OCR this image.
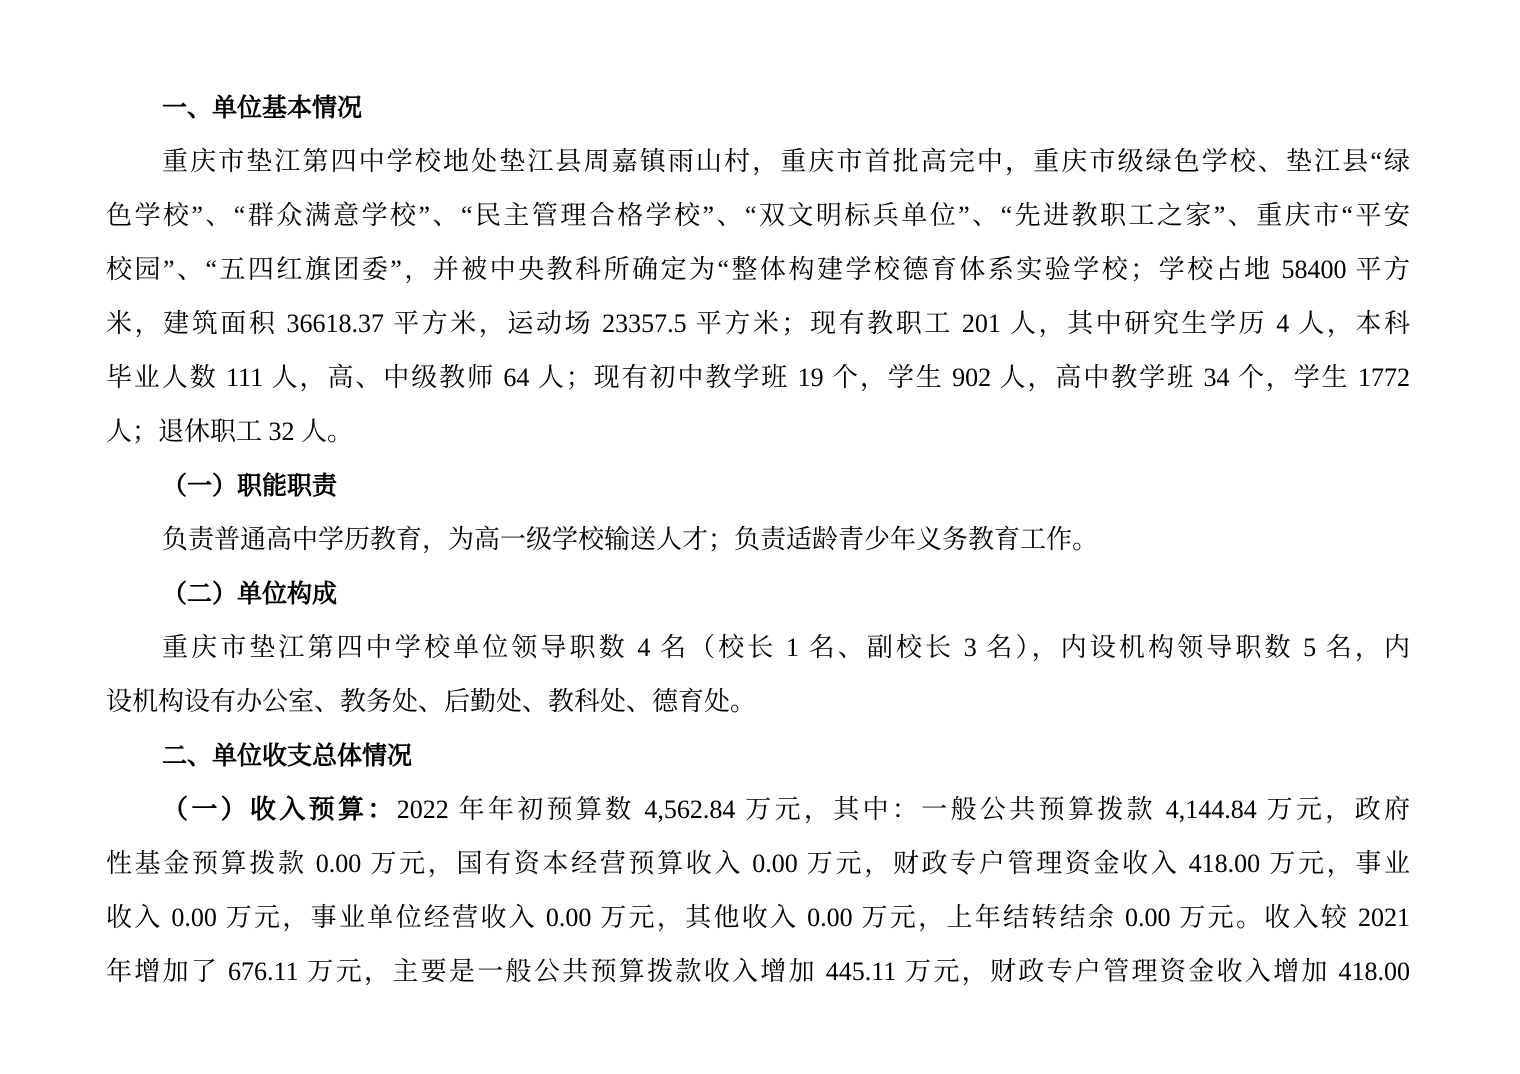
一、单位基本情况
重庆市垫江第四中学校地处垫江县周嘉镇雨山村，重庆市首批高完中，重庆市级绿色学校、垫江县“绿
色学校”、“群众满意学校”、“民主管理合格学校”、“双文明标兵单位”、“先进教职工之家”、重庆市“平安
校园”、“五四红旗团委”，并被中央教科所确定为“整体构建学校德育体系实验学校；学校占地 58400 平方
米，建筑面积 36618.37 平方米，运动场 23357.5 平方米；现有教职工 201 人，其中研究生学历 4 人，本科
毕业人数 111 人，高、中级教师 64 人；现有初中教学班 19 个，学生 902 人，高中教学班 34 个，学生 1772
人；退休职工 32 人。
（一）职能职责
负责普通高中学历教育，为高一级学校输送人才；负责适龄青少年义务教育工作。
（二）单位构成
重庆市垫江第四中学校单位领导职数 4 名（校长 1 名、副校长 3 名），内设机构领导职数 5 名，内
设机构设有办公室、教务处、后勤处、教科处、德育处。
二、单位收支总体情况
（一）收入预算：2022 年年初预算数 4,562.84 万元，其中：一般公共预算拨款 4,144.84 万元，政府
性基金预算拨款 0.00 万元，国有资本经营预算收入 0.00 万元，财政专户管理资金收入 418.00 万元，事业
收入 0.00 万元，事业单位经营收入 0.00 万元，其他收入 0.00 万元，上年结转结余 0.00 万元。收入较 2021
年增加了 676.11 万元，主要是一般公共预算拨款收入增加 445.11 万元，财政专户管理资金收入增加 418.00
